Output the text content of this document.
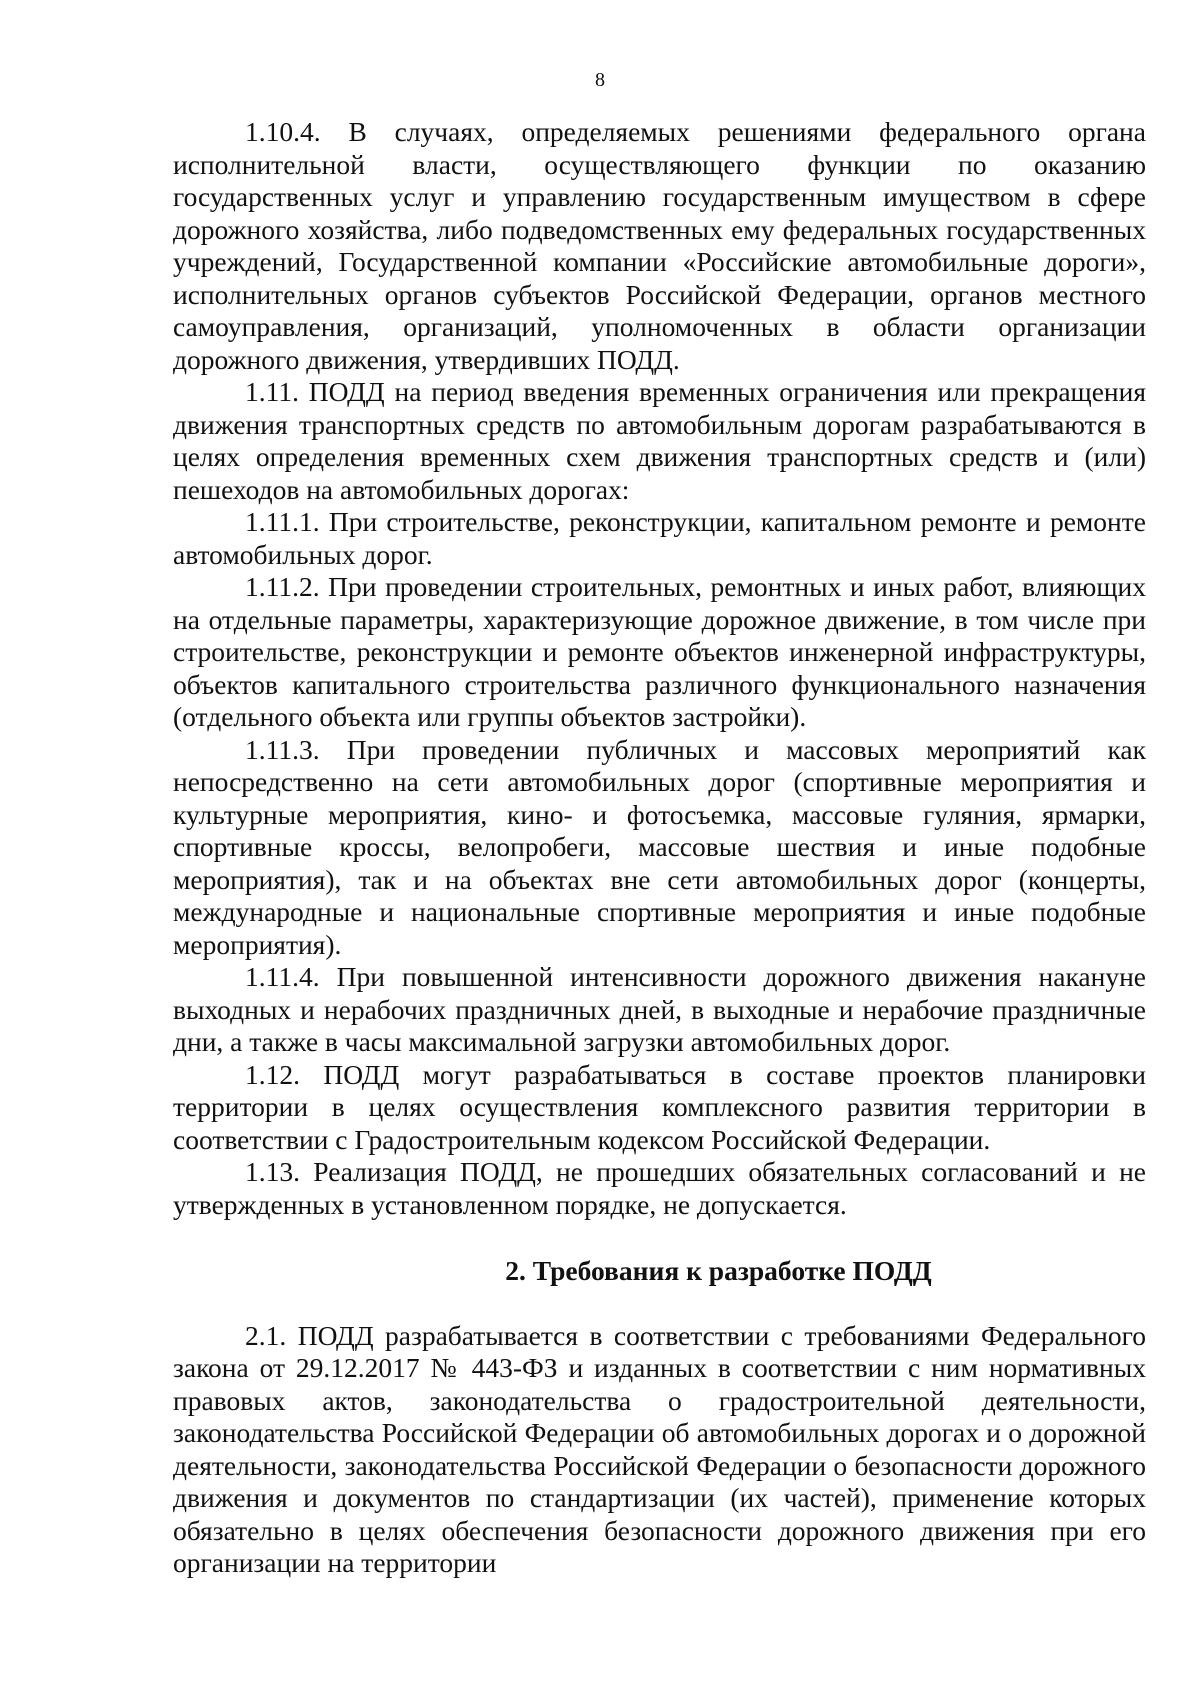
8

1.10.4. В случаях, определяемых решениями федерального органа исполнительной власти, осуществляющего функции по оказанию государственных услуг и управлению государственным имуществом в сфере дорожного хозяйства, либо подведомственных ему федеральных государственных учреждений, Государственной компании «Российские автомобильные дороги», исполнительных органов субъектов Российской Федерации, органов местного самоуправления, организаций, уполномоченных в области организации дорожного движения, утвердивших ПОДД.

1.11. ПОДД на период введения временных ограничения или прекращения движения транспортных средств по автомобильным дорогам разрабатываются в целях определения временных схем движения транспортных средств и (или) пешеходов на автомобильных дорогах:

1.11.1. При строительстве, реконструкции, капитальном ремонте и ремонте автомобильных дорог.

1.11.2. При проведении строительных, ремонтных и иных работ, влияющих на отдельные параметры, характеризующие дорожное движение, в том числе при строительстве, реконструкции и ремонте объектов инженерной инфраструктуры, объектов капитального строительства различного функционального назначения (отдельного объекта или группы объектов застройки).

1.11.3. При проведении публичных и массовых мероприятий как непосредственно на сети автомобильных дорог (спортивные мероприятия и культурные мероприятия, кино- и фотосъемка, массовые гуляния, ярмарки, спортивные кроссы, велопробеги, массовые шествия и иные подобные мероприятия), так и на объектах вне сети автомобильных дорог (концерты, международные и национальные спортивные мероприятия и иные подобные мероприятия).

1.11.4. При повышенной интенсивности дорожного движения накануне выходных и нерабочих праздничных дней, в выходные и нерабочие праздничные дни, а также в часы максимальной загрузки автомобильных дорог.

1.12. ПОДД могут разрабатываться в составе проектов планировки территории в целях осуществления комплексного развития территории в соответствии с Градостроительным кодексом Российской Федерации.

1.13. Реализация ПОДД, не прошедших обязательных согласований и не утвержденных в установленном порядке, не допускается.

2. Требования к разработке ПОДД

2.1. ПОДД разрабатывается в соответствии с требованиями Федерального закона от 29.12.2017 № 443-ФЗ и изданных в соответствии с ним нормативных правовых актов, законодательства о градостроительной деятельности, законодательства Российской Федерации об автомобильных дорогах и о дорожной деятельности, законодательства Российской Федерации о безопасности дорожного движения и документов по стандартизации (их частей), применение которых обязательно в целях обеспечения безопасности дорожного движения при его организации на территории
